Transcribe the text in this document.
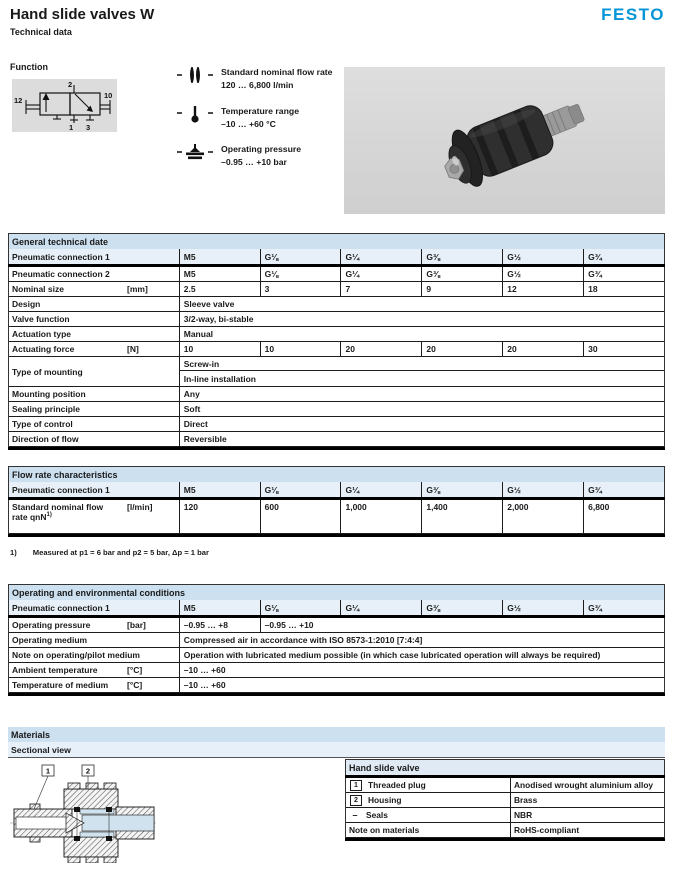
Hand slide valves W
Technical data
FESTO
Function
12
2
10
1 3
Standard nominal flow rate
120 … 6,800 l/min
Temperature range
–10 … +60 °C
Operating pressure
–0.95 … +10 bar
General technical date
Pneumatic connection 1	M5	G⅛	G¼	G⅜	G½	G¾
Pneumatic connection 2	M5	G⅛	G¼	G⅜	G½	G¾
Nominal size	[mm]	2.5	3	7	9	12	18
Design	Sleeve valve
Valve function	3/2-way, bi-stable
Actuation type	Manual
Actuating force	[N]	10	10	20	20	20	30
Type of mounting
Screw-in
In-line installation
Mounting position	Any
Sealing principle	Soft
Type of control	Direct
Direction of flow	Reversible
Flow rate characteristics
Pneumatic connection 1	M5	G⅛	G¼	G⅜	G½	G¾
Standard nominal flow
rate qnN$^{1)}$
[l/min]	120	600	1,000	1,400	2,000	6,800
1) Measured at p1 = 6 bar and p2 = 5 bar, Δp = 1 bar
Operating and environmental conditions
Pneumatic connection 1	M5	G⅛	G¼	G⅜	G½	G¾
Operating pressure	[bar]	–0.95 … +8	–0.95 … +10
Operating medium	Compressed air in accordance with ISO 8573-1:2010 [7:4:4]
Note on operating/pilot medium	Operation with lubricated medium possible (in which case lubricated operation will always be required)
Ambient temperature	[°C]	–10 … +60
Temperature of medium [°C]	–10 … +60
Materials
Sectional view
1	2	Hand slide valve
1	Threaded plug	Anodised wrought aluminium alloy
2	Housing	Brass
– Seals	NBR
Note on materials	RoHS-compliant
